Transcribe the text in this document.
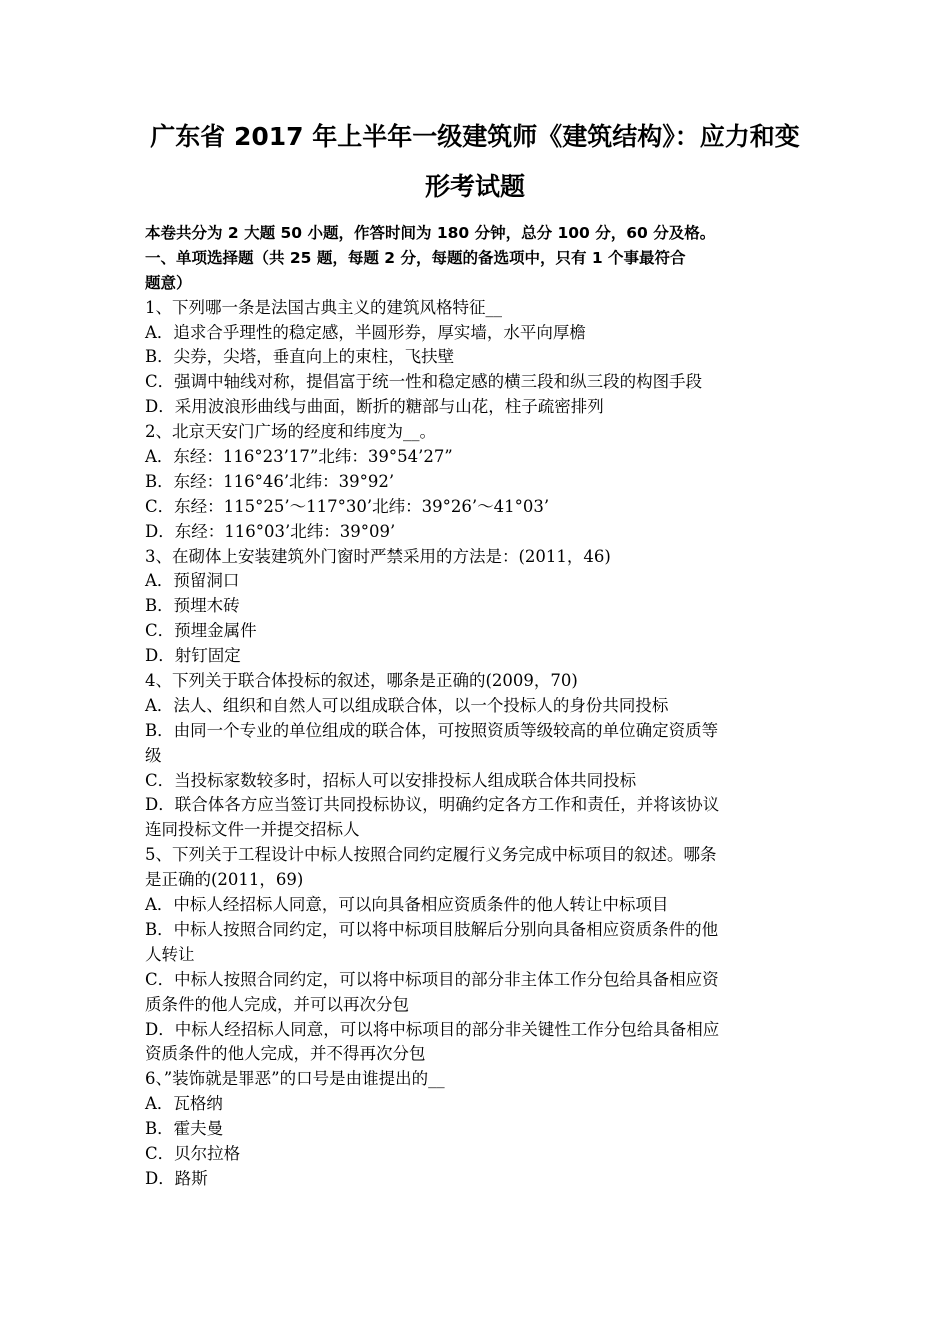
广东省 2017 年上半年一级建筑师《建筑结构》：应力和变
形考试题
本卷共分为 2 大题 50 小题，作答时间为 180 分钟，总分 100 分，60 分及格。
一、单项选择题（共 25 题，每题 2 分，每题的备选项中，只有 1 个事最符合
题意）
1、下列哪一条是法国古典主义的建筑风格特征__
A．追求合乎理性的稳定感，半圆形券，厚实墙，水平向厚檐
B．尖券，尖塔，垂直向上的束柱，飞扶壁
C．强调中轴线对称，提倡富于统一性和稳定感的横三段和纵三段的构图手段
D．采用波浪形曲线与曲面，断折的糖部与山花，柱子疏密排列
2、北京天安门广场的经度和纬度为__。
A．东经：116°23’17”北纬：39°54’27”
B．东经：116°46’北纬：39°92’
C．东经：115°25’～117°30’北纬：39°26’～41°03’
D．东经：116°03’北纬：39°09’
3、在砌体上安装建筑外门窗时严禁采用的方法是：(2011，46)
A．预留洞口
B．预埋木砖
C．预埋金属件
D．射钉固定
4、下列关于联合体投标的叙述，哪条是正确的(2009，70)
A．法人、组织和自然人可以组成联合体，以一个投标人的身份共同投标
B．由同一个专业的单位组成的联合体，可按照资质等级较高的单位确定资质等
级
C．当投标家数较多时，招标人可以安排投标人组成联合体共同投标
D．联合体各方应当签订共同投标协议，明确约定各方工作和责任，并将该协议
连同投标文件一并提交招标人
5、下列关于工程设计中标人按照合同约定履行义务完成中标项目的叙述。哪条
是正确的(2011，69)
A．中标人经招标人同意，可以向具备相应资质条件的他人转让中标项目
B．中标人按照合同约定，可以将中标项目肢解后分别向具备相应资质条件的他
人转让
C．中标人按照合同约定，可以将中标项目的部分非主体工作分包给具备相应资
质条件的他人完成，并可以再次分包
D．中标人经招标人同意，可以将中标项目的部分非关键性工作分包给具备相应
资质条件的他人完成，并不得再次分包
6、”装饰就是罪恶”的口号是由谁提出的__
A．瓦格纳
B．霍夫曼
C．贝尔拉格
D．路斯
